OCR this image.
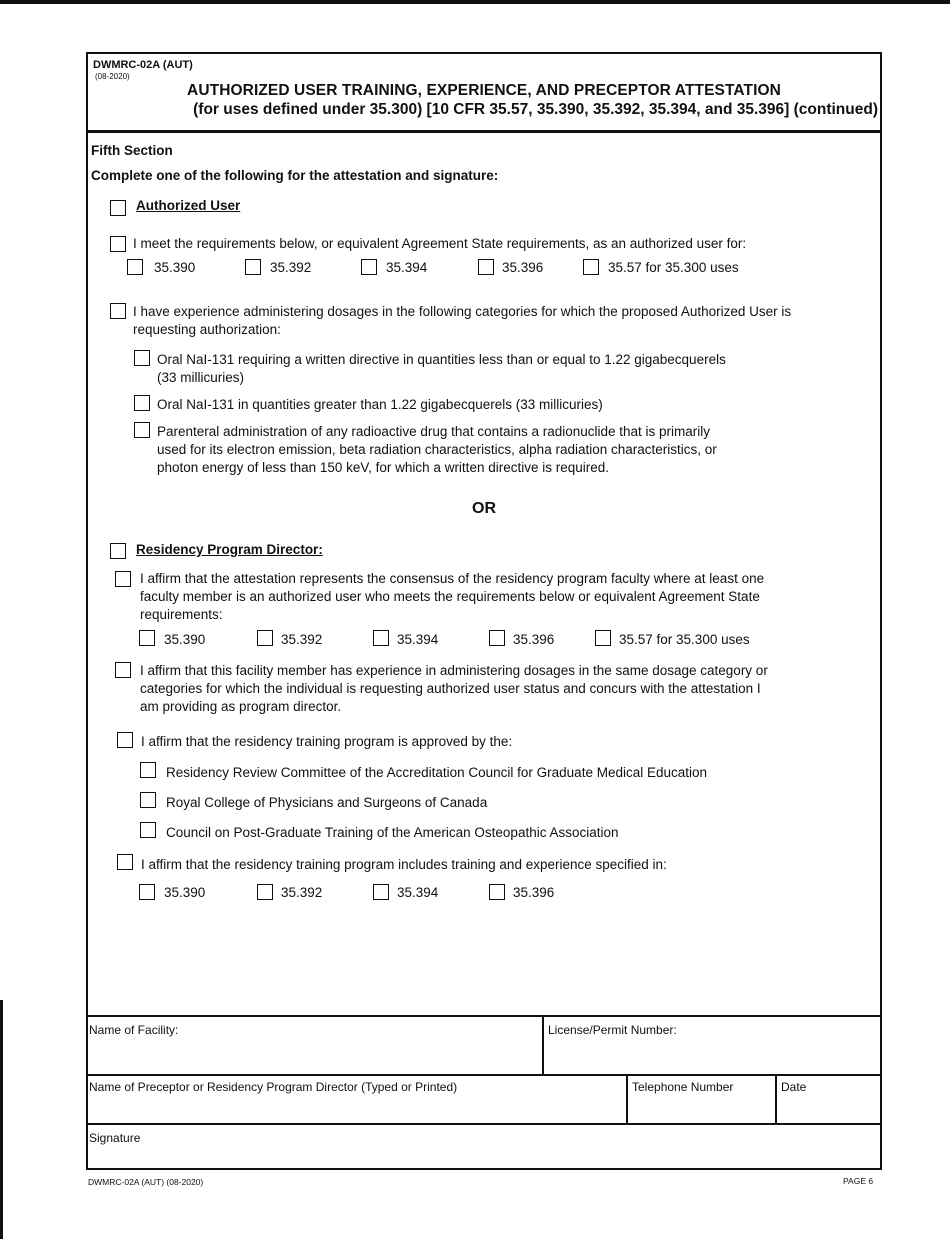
DWMRC-02A (AUT)
(08-2020)
AUTHORIZED USER TRAINING, EXPERIENCE, AND PRECEPTOR ATTESTATION
(for uses defined under 35.300) [10 CFR 35.57, 35.390, 35.392, 35.394, and 35.396] (continued)
Fifth Section
Complete one of the following for the attestation and signature:
Authorized User
I meet the requirements below, or equivalent Agreement State requirements, as an authorized user for:
35.390	35.392	35.394	35.396	35.57 for 35.300 uses
I have experience administering dosages in the following categories for which the proposed Authorized User is
requesting authorization:
Oral NaI-131 requiring a written directive in quantities less than or equal to 1.22 gigabecquerels
(33 millicuries)
Oral NaI-131 in quantities greater than 1.22 gigabecquerels (33 millicuries)
Parenteral administration of any radioactive drug that contains a radionuclide that is primarily
used for its electron emission, beta radiation characteristics, alpha radiation characteristics, or
photon energy of less than 150 keV, for which a written directive is required.
OR
Residency Program Director:
I affirm that the attestation represents the consensus of the residency program faculty where at least one
faculty member is an authorized user who meets the requirements below or equivalent Agreement State
requirements:
35.390	35.392	35.394	35.396	35.57 for 35.300 uses
I affirm that this facility member has experience in administering dosages in the same dosage category or
categories for which the individual is requesting authorized user status and concurs with the attestation I
am providing as program director.
I affirm that the residency training program is approved by the:
Residency Review Committee of the Accreditation Council for Graduate Medical Education
Royal College of Physicians and Surgeons of Canada
Council on Post-Graduate Training of the American Osteopathic Association
I affirm that the residency training program includes training and experience specified in:
35.390	35.392	35.394	35.396
Name of Facility:	License/Permit Number:
Name of Preceptor or Residency Program Director (Typed or Printed)	Telephone Number	Date
Signature
DWMRC-02A (AUT) (08-2020)	PAGE 6
